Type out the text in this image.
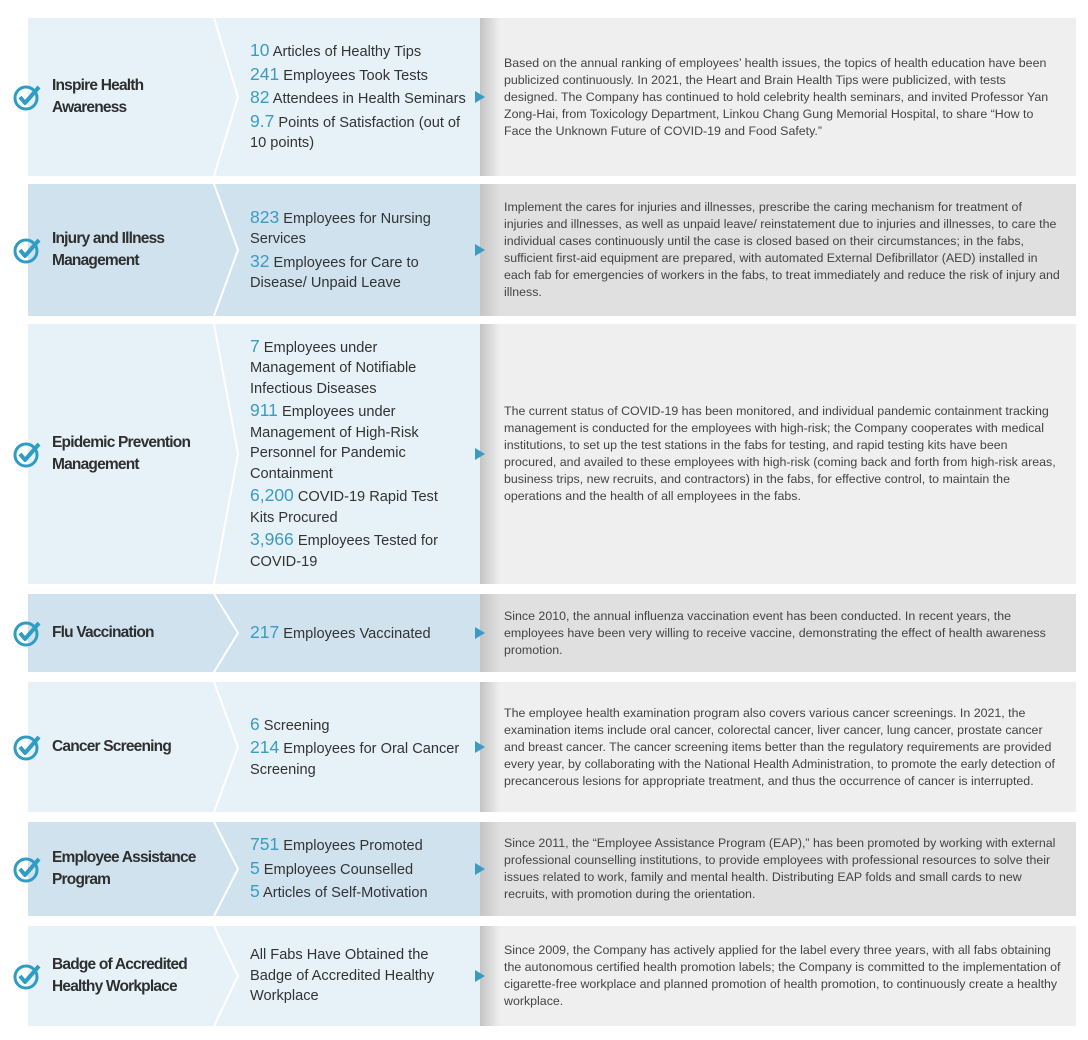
Inspire Health Awareness
10 Articles of Healthy Tips
241 Employees Took Tests
82 Attendees in Health Seminars
9.7 Points of Satisfaction (out of 10 points)
Based on the annual ranking of employees’ health issues, the topics of health education have been publicized continuously. In 2021, the Heart and Brain Health Tips were publicized, with tests designed. The Company has continued to hold celebrity health seminars, and invited Professor Yan Zong-Hai, from Toxicology Department, Linkou Chang Gung Memorial Hospital, to share “How to Face the Unknown Future of COVID-19 and Food Safety.”
Injury and Illness Management
823 Employees for Nursing Services
32 Employees for Care to Disease/ Unpaid Leave
Implement the cares for injuries and illnesses, prescribe the caring mechanism for treatment of injuries and illnesses, as well as unpaid leave/ reinstatement due to injuries and illnesses, to care the individual cases continuously until the case is closed based on their circumstances; in the fabs, sufficient first-aid equipment are prepared, with automated External Defibrillator (AED) installed in each fab for emergencies of workers in the fabs, to treat immediately and reduce the risk of injury and illness.
Epidemic Prevention Management
7 Employees under Management of Notifiable Infectious Diseases
911 Employees under Management of High-Risk Personnel for Pandemic Containment
6,200 COVID-19 Rapid Test Kits Procured
3,966 Employees Tested for COVID-19
The current status of COVID-19 has been monitored, and individual pandemic containment tracking management is conducted for the employees with high-risk; the Company cooperates with medical institutions, to set up the test stations in the fabs for testing, and rapid testing kits have been procured, and availed to these employees with high-risk (coming back and forth from high-risk areas, business trips, new recruits, and contractors) in the fabs, for effective control, to maintain the operations and the health of all employees in the fabs.
Flu Vaccination	217 Employees Vaccinated
Since 2010, the annual influenza vaccination event has been conducted. In recent years, the employees have been very willing to receive vaccine, demonstrating the effect of health awareness promotion.
Cancer Screening
6 Screening
214 Employees for Oral Cancer Screening
The employee health examination program also covers various cancer screenings. In 2021, the examination items include oral cancer, colorectal cancer, liver cancer, lung cancer, prostate cancer and breast cancer. The cancer screening items better than the regulatory requirements are provided every year, by collaborating with the National Health Administration, to promote the early detection of precancerous lesions for appropriate treatment, and thus the occurrence of cancer is interrupted.
Employee Assistance Program
751 Employees Promoted
5 Employees Counselled
5 Articles of Self-Motivation
Since 2011, the “Employee Assistance Program (EAP),” has been promoted by working with external professional counselling institutions, to provide employees with professional resources to solve their issues related to work, family and mental health. Distributing EAP folds and small cards to new recruits, with promotion during the orientation.
Badge of Accredited Healthy Workplace
All Fabs Have Obtained the Badge of Accredited Healthy Workplace
Since 2009, the Company has actively applied for the label every three years, with all fabs obtaining the autonomous certified health promotion labels; the Company is committed to the implementation of cigarette-free workplace and planned promotion of health promotion, to continuously create a healthy workplace.
